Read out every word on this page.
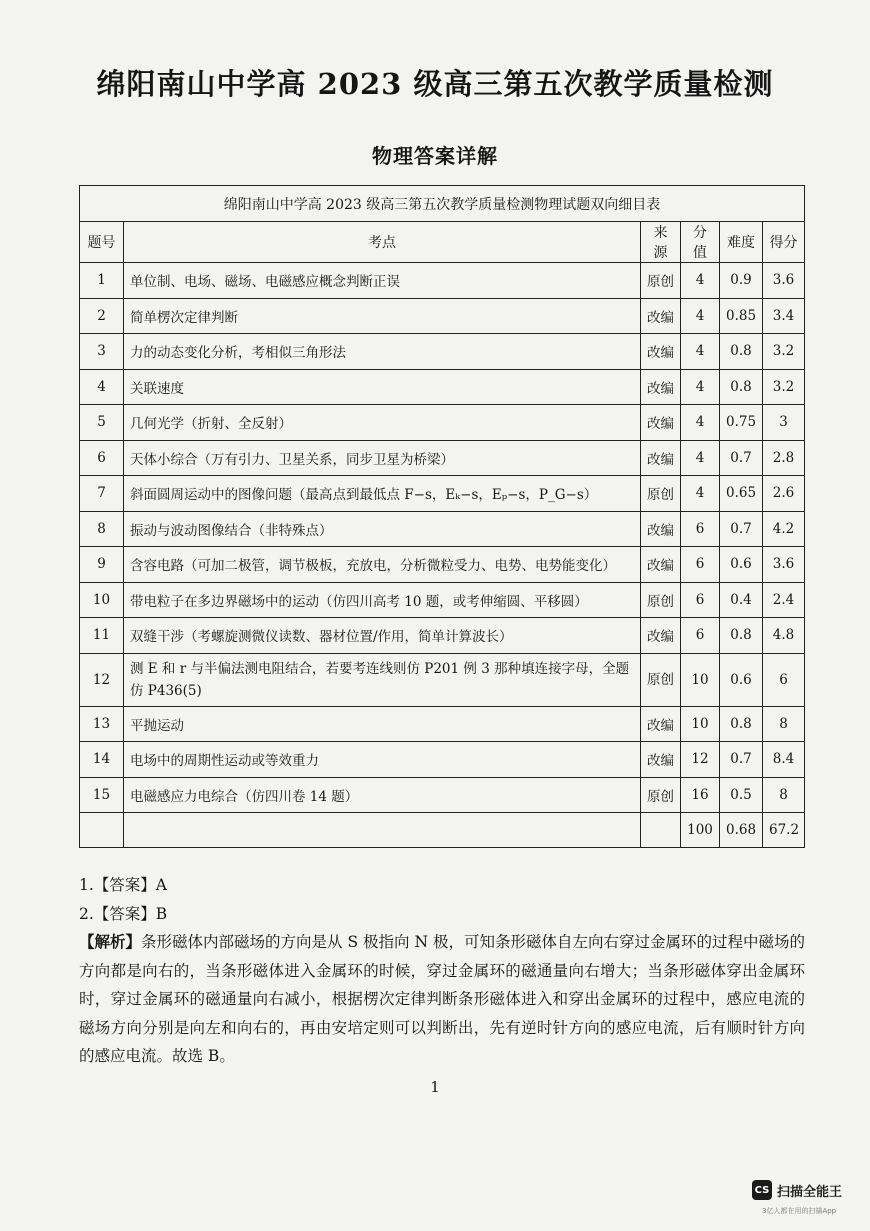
绵阳南山中学高 2023 级高三第五次教学质量检测
物理答案详解
绵阳南山中学高 2023 级高三第五次教学质量检测物理试题双向细目表					
题号	考点	来源	分值	难度	得分
1	单位制、电场、磁场、电磁感应概念判断正误	原创	4	0.9	3.6
2	简单楞次定律判断	改编	4	0.85	3.4
3	力的动态变化分析，考相似三角形法	改编	4	0.8	3.2
4	关联速度	改编	4	0.8	3.2
5	几何光学（折射、全反射）	改编	4	0.75	3
6	天体小综合（万有引力、卫星关系，同步卫星为桥梁）	改编	4	0.7	2.8
7	斜面圆周运动中的图像问题（最高点到最低点 F−s，Eₖ−s，Eₚ−s，P_G−s）	原创	4	0.65	2.6
8	振动与波动图像结合（非特殊点）	改编	6	0.7	4.2
9	含容电路（可加二极管，调节极板，充放电，分析微粒受力、电势、电势能变化）	改编	6	0.6	3.6
10	带电粒子在多边界磁场中的运动（仿四川高考 10 题，或考伸缩圆、平移圆）	原创	6	0.4	2.4
11	双缝干涉（考螺旋测微仪读数、器材位置/作用，简单计算波长）	改编	6	0.8	4.8
12	测 E 和 r 与半偏法测电阻结合，若要考连线则仿 P201 例 3 那种填连接字母，全题仿 P436(5)	原创	10	0.6	6
13	平抛运动	改编	10	0.8	8
14	电场中的周期性运动或等效重力	改编	12	0.7	8.4
15	电磁感应力电综合（仿四川卷 14 题）	原创	16	0.5	8
			100	0.68	67.2
1.【答案】A
2.【答案】B
【解析】条形磁体内部磁场的方向是从 S 极指向 N 极，可知条形磁体自左向右穿过金属环的过程中磁场的方向都是向右的，当条形磁体进入金属环的时候，穿过金属环的磁通量向右增大；当条形磁体穿出金属环时，穿过金属环的磁通量向右减小，根据楞次定律判断条形磁体进入和穿出金属环的过程中，感应电流的磁场方向分别是向左和向右的，再由安培定则可以判断出，先有逆时针方向的感应电流，后有顺时针方向的感应电流。故选 B。
1
CS 扫描全能王
3亿人都在用的扫描App
